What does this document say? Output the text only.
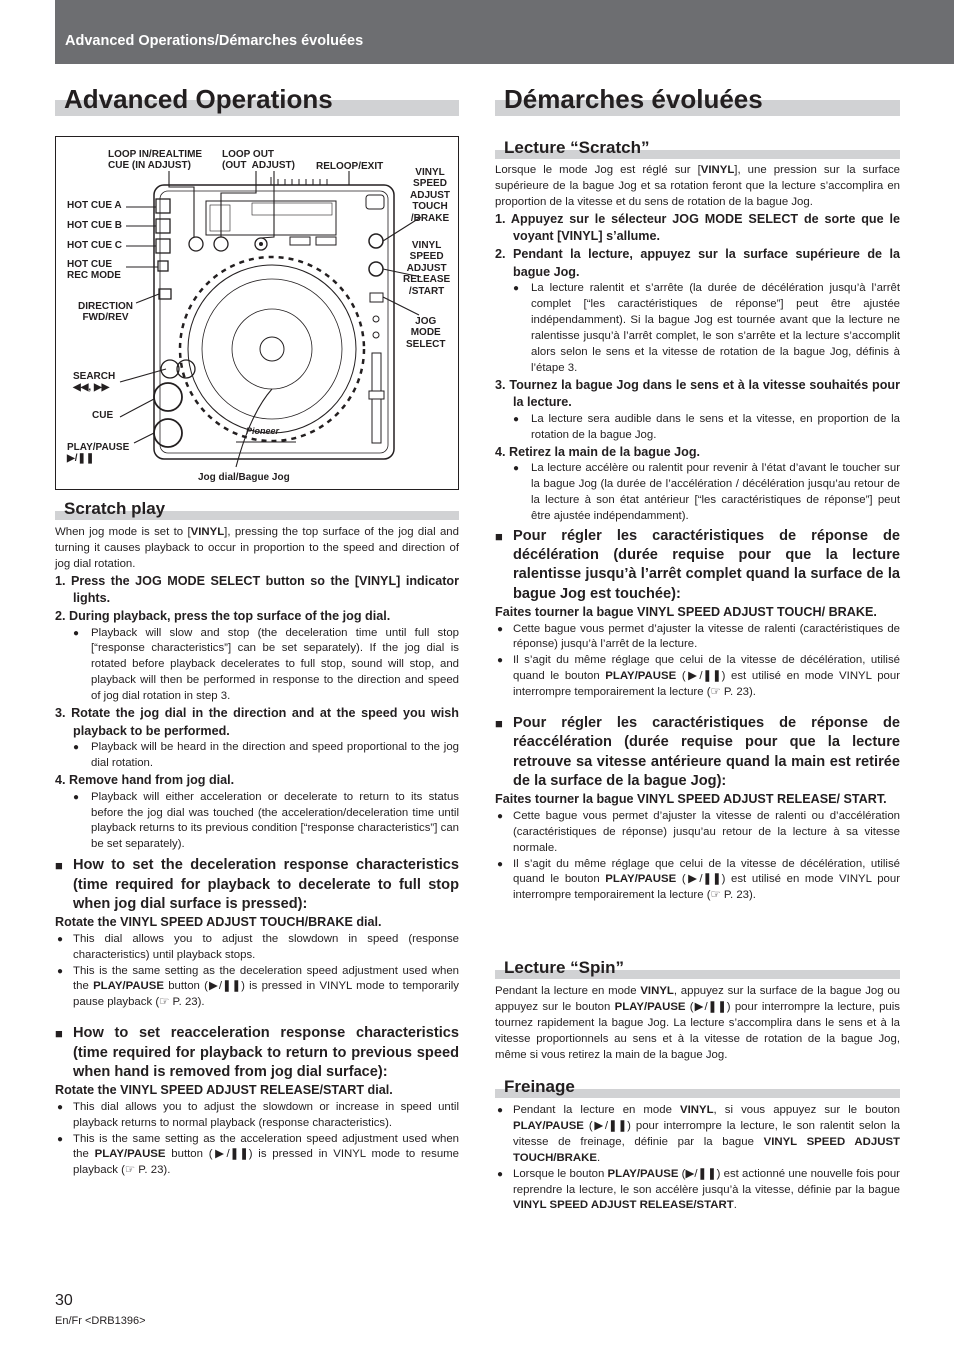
Advanced Operations/Démarches évoluées
Advanced Operations
LOOP IN/REALTIME
CUE (IN ADJUST)
LOOP OUT
(OUT  ADJUST) RELOOP/EXIT
VINYL
SPEED
ADJUST
TOUCH
/BRAKE
HOT CUE A
HOT CUE B
HOT CUE C
HOT CUE
REC MODE
VINYL
SPEED
ADJUST
RELEASE
/START
DIRECTION
FWD/REV	JOG
MODE
SELECT
SEARCH
◀◀, ▶▶
CUE
PLAY/PAUSE
▶/❚❚
Jog dial/Bague Jog
Pioneer
Scratch play

When jog mode is set to [VINYL], pressing the top surface of the jog dial and turning it causes playback to occur in proportion to the speed and direction of jog dial rotation.

1. Press the JOG MODE SELECT button so the [VINYL] indicator lights.

2. During playback, press the top surface of the jog dial.

● Playback will slow and stop (the deceleration time until full stop [“response characteristics”] can be set separately). If the jog dial is rotated before playback decelerates to full stop, sound will stop, and playback will then be performed in response to the direction and speed of jog dial rotation in step 3.

3. Rotate the jog dial in the direction and at the speed you wish playback to be performed.

● Playback will be heard in the direction and speed proportional to the jog dial rotation.

4. Remove hand from jog dial.

● Playback will either acceleration or decelerate to return to its status before the jog dial was touched (the acceleration/deceleration time until playback returns to its previous condition [“response characteristics”] can be set separately).

■ How to set the deceleration response characteristics (time required for playback to decelerate to full stop when jog dial surface is pressed):

Rotate the VINYL SPEED ADJUST TOUCH/BRAKE dial.

● This dial allows you to adjust the slowdown in speed (response characteristics) until playback stops.

● This is the same setting as the deceleration speed adjustment used when the PLAY/PAUSE button (▶/❚❚) is pressed in VINYL mode to temporarily pause playback (☞ P. 23).

■ How to set reacceleration response characteristics (time required for playback to return to previous speed when hand is removed from jog dial surface):

Rotate the VINYL SPEED ADJUST RELEASE/START dial.

● This dial allows you to adjust the slowdown or increase in speed until playback returns to normal playback (response characteristics).

● This is the same setting as the acceleration speed adjustment used when the PLAY/PAUSE button (▶/❚❚) is pressed in VINYL mode to resume playback (☞ P. 23).

Démarches évoluées
Lecture “Scratch”

Lorsque le mode Jog est réglé sur [VINYL], une pression sur la surface supérieure de la bague Jog et sa rotation feront que la lecture s’accomplira en proportion de la vitesse et du sens de rotation de la bague Jog.

1. Appuyez sur le sélecteur JOG MODE SELECT de sorte que le voyant [VINYL] s’allume.

2. Pendant la lecture, appuyez sur la surface supérieure de la bague Jog.

● La lecture ralentit et s’arrête (la durée de décélération jusqu’à l’arrêt complet [“les caractéristiques de réponse”] peut être ajustée indépendamment). Si la bague Jog est tournée avant que la lecture ne ralentisse jusqu’à l’arrêt complet, le son s’arrête et la lecture s’accomplit alors selon le sens et la vitesse de rotation de la bague Jog, définis à l’étape 3.

3. Tournez la bague Jog dans le sens et à la vitesse souhaités pour la lecture.

● La lecture sera audible dans le sens et la vitesse, en proportion de la rotation de la bague Jog.

4. Retirez la main de la bague Jog.

● La lecture accélère ou ralentit pour revenir à l’état d’avant le toucher sur la bague Jog (la durée de l’accélération / décélération jusqu’au retour de la lecture à son état antérieur [“les caractéristiques de réponse”] peut être ajustée indépendamment).

■ Pour régler les caractéristiques de réponse de décélération (durée requise pour que la lecture ralentisse jusqu’à l’arrêt complet quand la surface de la bague Jog est touchée):

Faites tourner la bague VINYL SPEED ADJUST TOUCH/ BRAKE.

● Cette bague vous permet d’ajuster la vitesse de ralenti (caractéristiques de réponse) jusqu’à l’arrêt de la lecture.

● Il s’agit du même réglage que celui de la vitesse de décélération, utilisé quand le bouton PLAY/PAUSE (▶/❚❚) est utilisé en mode VINYL pour interrompre temporairement la lecture (☞ P. 23).

■ Pour régler les caractéristiques de réponse de réaccélération (durée requise pour que la lecture retrouve sa vitesse antérieure quand la main est retirée de la surface de la bague Jog):

Faites tourner la bague VINYL SPEED ADJUST RELEASE/ START.

● Cette bague vous permet d’ajuster la vitesse de ralenti ou d’accélération (caractéristiques de réponse) jusqu’au retour de la lecture à sa vitesse normale.

● Il s’agit du même réglage que celui de la vitesse de décélération, utilisé quand le bouton PLAY/PAUSE (▶/❚❚) est utilisé en mode VINYL pour interrompre temporairement la lecture (☞ P. 23).

Lecture “Spin”

Pendant la lecture en mode VINYL, appuyez sur la surface de la bague Jog ou appuyez sur le bouton PLAY/PAUSE (▶/❚❚) pour interrompre la lecture, puis tournez rapidement la bague Jog. La lecture s’accomplira dans le sens et à la vitesse proportionnels au sens et à la vitesse de rotation de la bague Jog, même si vous retirez la main de la bague Jog.

Freinage

● Pendant la lecture en mode VINYL, si vous appuyez sur le bouton PLAY/PAUSE (▶/❚❚) pour interrompre la lecture, le son ralentit selon la vitesse de freinage, définie par la bague VINYL SPEED ADJUST TOUCH/BRAKE.

● Lorsque le bouton PLAY/PAUSE (▶/❚❚) est actionné une nouvelle fois pour reprendre la lecture, le son accélère jusqu’à la vitesse, définie par la bague VINYL SPEED ADJUST RELEASE/START.

30
En/Fr <DRB1396>
